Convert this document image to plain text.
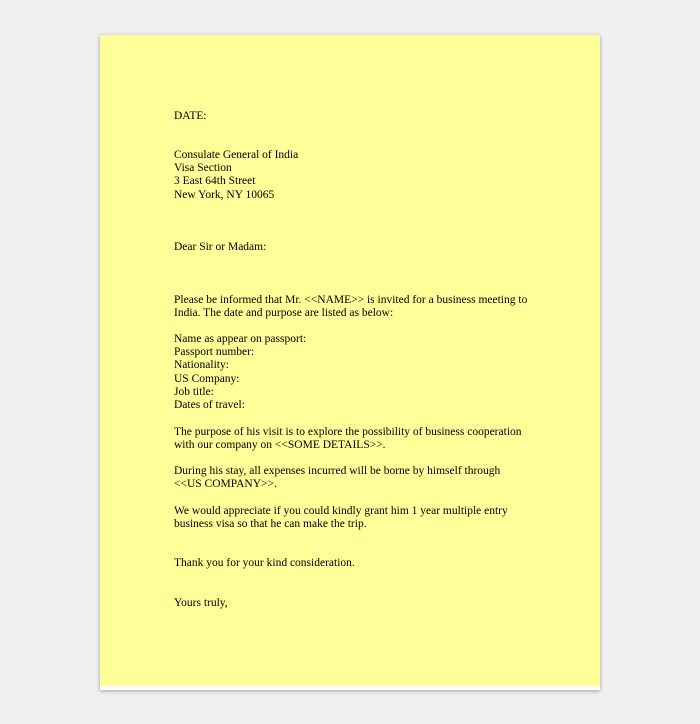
DATE:
Consulate General of India
Visa Section
3 East 64th Street
New York, NY 10065
Dear Sir or Madam:
Please be informed that Mr. <<NAME>> is invited for a business meeting to
India. The date and purpose are listed as below:
Name as appear on passport:
Passport number:
Nationality:
US Company:
Job title:
Dates of travel:
The purpose of his visit is to explore the possibility of business cooperation
with our company on <<SOME DETAILS>>.
During his stay, all expenses incurred will be borne by himself through
<<US COMPANY>>.
We would appreciate if you could kindly grant him 1 year multiple entry
business visa so that he can make the trip.
Thank you for your kind consideration.
Yours truly,
